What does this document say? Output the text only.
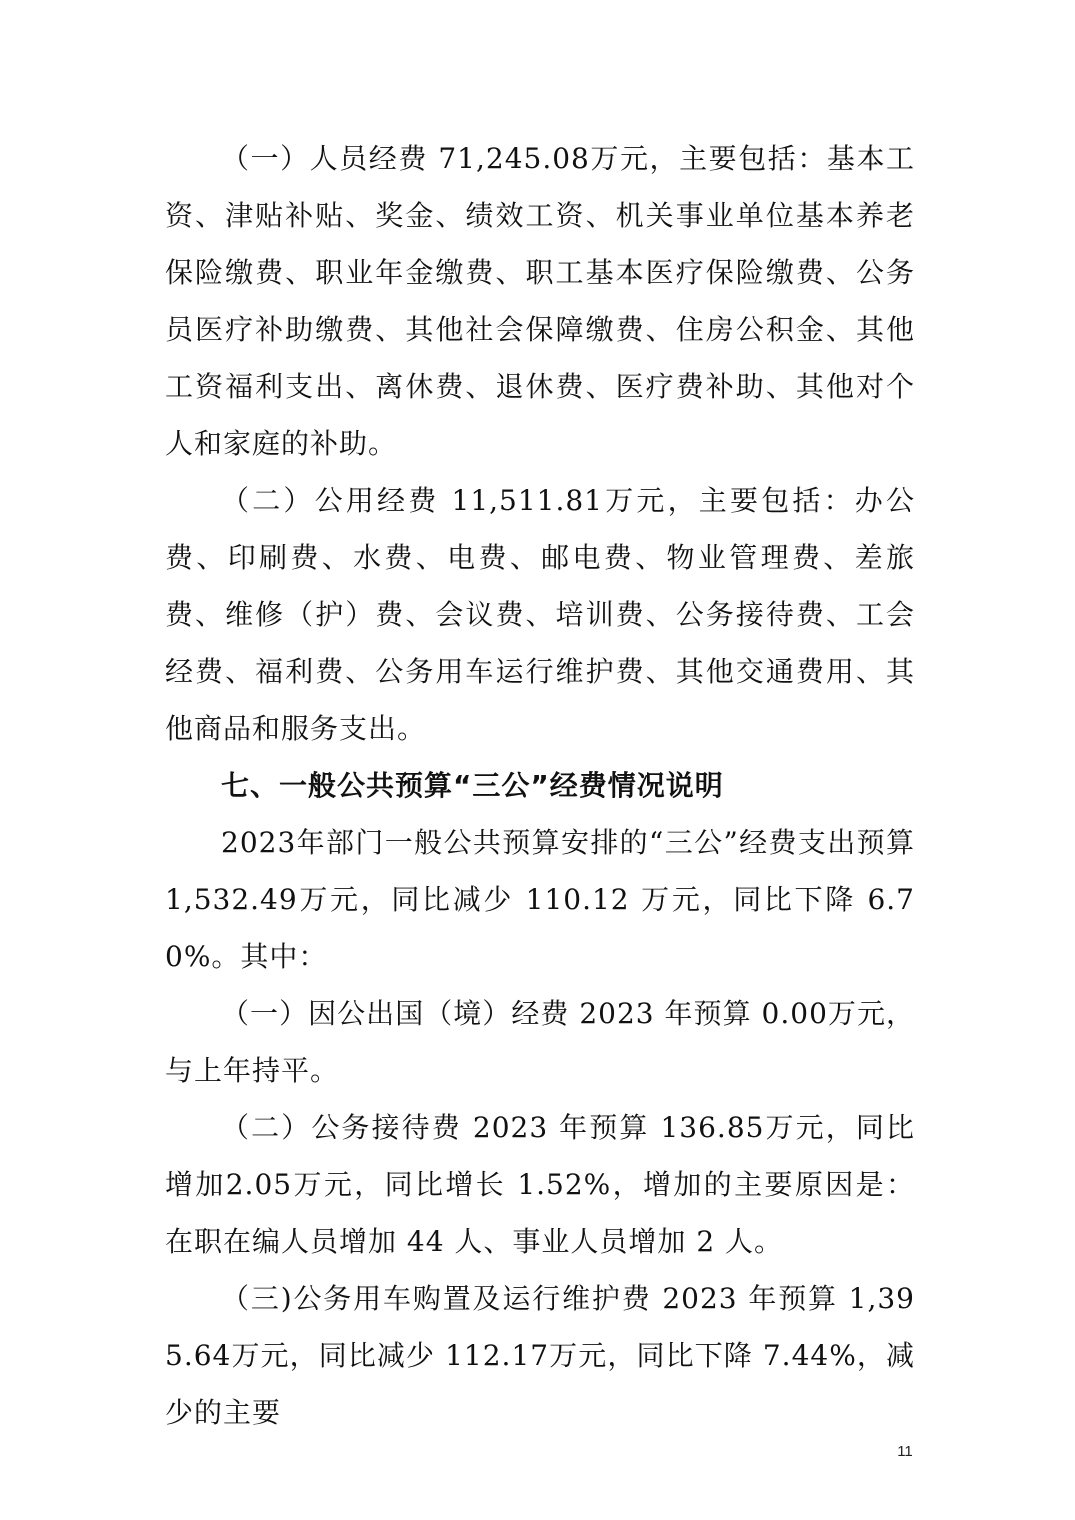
（一）人员经费 71,245.08万元，主要包括：基本工资、津贴补贴、奖金、绩效工资、机关事业单位基本养老保险缴费、职业年金缴费、职工基本医疗保险缴费、公务员医疗补助缴费、其他社会保障缴费、住房公积金、其他工资福利支出、离休费、退休费、医疗费补助、其他对个人和家庭的补助。

（二）公用经费 11,511.81万元，主要包括：办公费、印刷费、水费、电费、邮电费、物业管理费、差旅费、维修（护）费、会议费、培训费、公务接待费、工会经费、福利费、公务用车运行维护费、其他交通费用、其他商品和服务支出。

七、一般公共预算“三公”经费情况说明

2023年部门一般公共预算安排的“三公”经费支出预算1,532.49万元，同比减少 110.12 万元，同比下降 6.70%。其中：

（一）因公出国（境）经费 2023 年预算 0.00万元，与上年持平。

（二）公务接待费 2023 年预算 136.85万元，同比增加2.05万元，同比增长 1.52%，增加的主要原因是：在职在编人员增加 44 人、事业人员增加 2 人。

（三)公务用车购置及运行维护费 2023 年预算 1,395.64万元，同比减少 112.17万元，同比下降 7.44%，减少的主要

11
